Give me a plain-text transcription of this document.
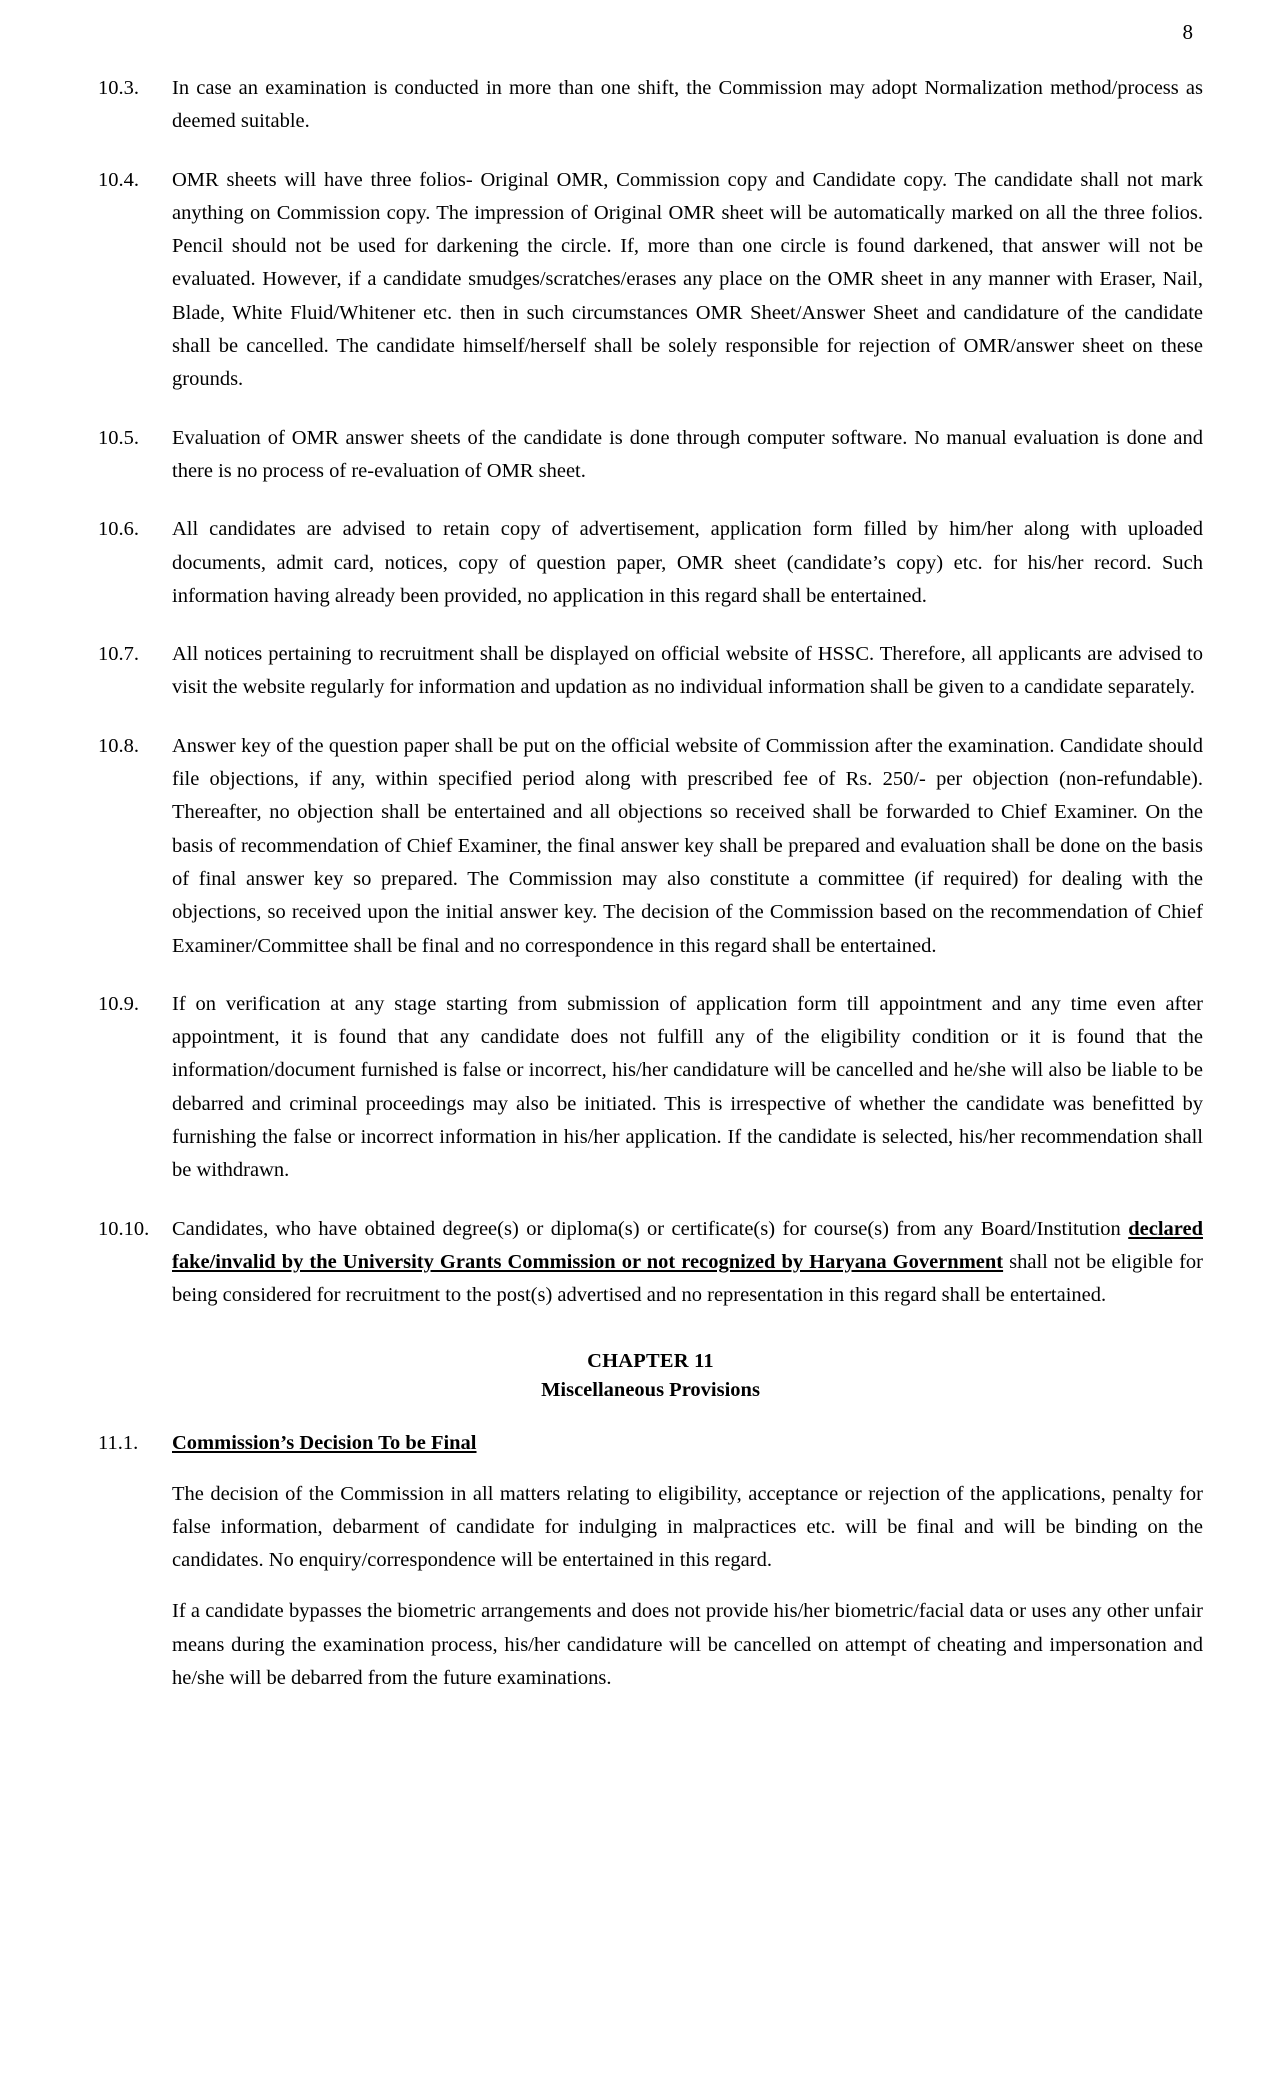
8
10.3.	In case an examination is conducted in more than one shift, the Commission may adopt Normalization method/process as deemed suitable.
10.4.	OMR sheets will have three folios- Original OMR, Commission copy and Candidate copy. The candidate shall not mark anything on Commission copy. The impression of Original OMR sheet will be automatically marked on all the three folios. Pencil should not be used for darkening the circle. If, more than one circle is found darkened, that answer will not be evaluated. However, if a candidate smudges/scratches/erases any place on the OMR sheet in any manner with Eraser, Nail, Blade, White Fluid/Whitener etc. then in such circumstances OMR Sheet/Answer Sheet and candidature of the candidate shall be cancelled. The candidate himself/herself shall be solely responsible for rejection of OMR/answer sheet on these grounds.
10.5.	Evaluation of OMR answer sheets of the candidate is done through computer software. No manual evaluation is done and there is no process of re-evaluation of OMR sheet.
10.6.	All candidates are advised to retain copy of advertisement, application form filled by him/her along with uploaded documents, admit card, notices, copy of question paper, OMR sheet (candidate’s copy) etc. for his/her record. Such information having already been provided, no application in this regard shall be entertained.
10.7.	All notices pertaining to recruitment shall be displayed on official website of HSSC. Therefore, all applicants are advised to visit the website regularly for information and updation as no individual information shall be given to a candidate separately.
10.8.	Answer key of the question paper shall be put on the official website of Commission after the examination. Candidate should file objections, if any, within specified period along with prescribed fee of Rs. 250/- per objection (non-refundable). Thereafter, no objection shall be entertained and all objections so received shall be forwarded to Chief Examiner. On the basis of recommendation of Chief Examiner, the final answer key shall be prepared and evaluation shall be done on the basis of final answer key so prepared. The Commission may also constitute a committee (if required) for dealing with the objections, so received upon the initial answer key. The decision of the Commission based on the recommendation of Chief Examiner/Committee shall be final and no correspondence in this regard shall be entertained.
10.9.	If on verification at any stage starting from submission of application form till appointment and any time even after appointment, it is found that any candidate does not fulfill any of the eligibility condition or it is found that the information/document furnished is false or incorrect, his/her candidature will be cancelled and he/she will also be liable to be debarred and criminal proceedings may also be initiated. This is irrespective of whether the candidate was benefitted by furnishing the false or incorrect information in his/her application. If the candidate is selected, his/her recommendation shall be withdrawn.
10.10.	Candidates, who have obtained degree(s) or diploma(s) or certificate(s) for course(s) from any Board/Institution declared fake/invalid by the University Grants Commission or not recognized by Haryana Government shall not be eligible for being considered for recruitment to the post(s) advertised and no representation in this regard shall be entertained.
CHAPTER 11
Miscellaneous Provisions
11.1.	Commission’s Decision To be Final
The decision of the Commission in all matters relating to eligibility, acceptance or rejection of the applications, penalty for false information, debarment of candidate for indulging in malpractices etc. will be final and will be binding on the candidates. No enquiry/correspondence will be entertained in this regard.
If a candidate bypasses the biometric arrangements and does not provide his/her biometric/facial data or uses any other unfair means during the examination process, his/her candidature will be cancelled on attempt of cheating and impersonation and he/she will be debarred from the future examinations.
